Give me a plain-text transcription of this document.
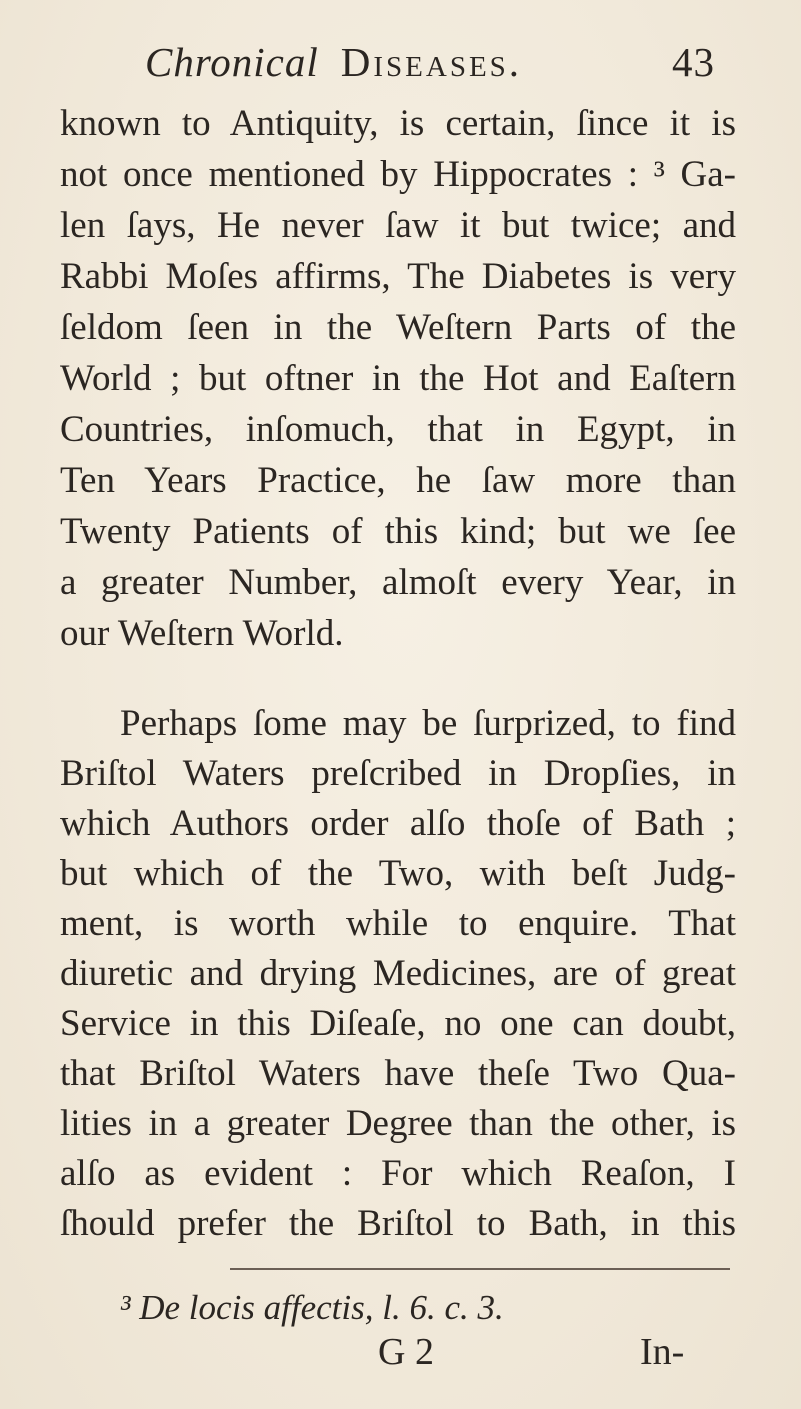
Chronical Diseases.	43
known to Antiquity, is certain, ſince it is
not once mentioned by Hippocrates : ³ Ga-
len ſays, He never ſaw it but twice; and
Rabbi Moſes affirms, The Diabetes is very
ſeldom ſeen in the Weſtern Parts of the
World ; but oftner in the Hot and Eaſtern
Countries, inſomuch, that in Egypt, in
Ten Years Practice, he ſaw more than
Twenty Patients of this kind; but we ſee
a greater Number, almoſt every Year, in
our Weſtern World.
Perhaps ſome may be ſurprized, to find
Briſtol Waters preſcribed in Dropſies, in
which Authors order alſo thoſe of Bath ;
but which of the Two, with beſt Judg-
ment, is worth while to enquire. That
diuretic and drying Medicines, are of great
Service in this Diſeaſe, no one can doubt,
that Briſtol Waters have theſe Two Qua-
lities in a greater Degree than the other, is
alſo as evident : For which Reaſon, I
ſhould prefer the Briſtol to Bath, in this
³ De locis affectis, l. 6. c. 3.
G 2	In-
